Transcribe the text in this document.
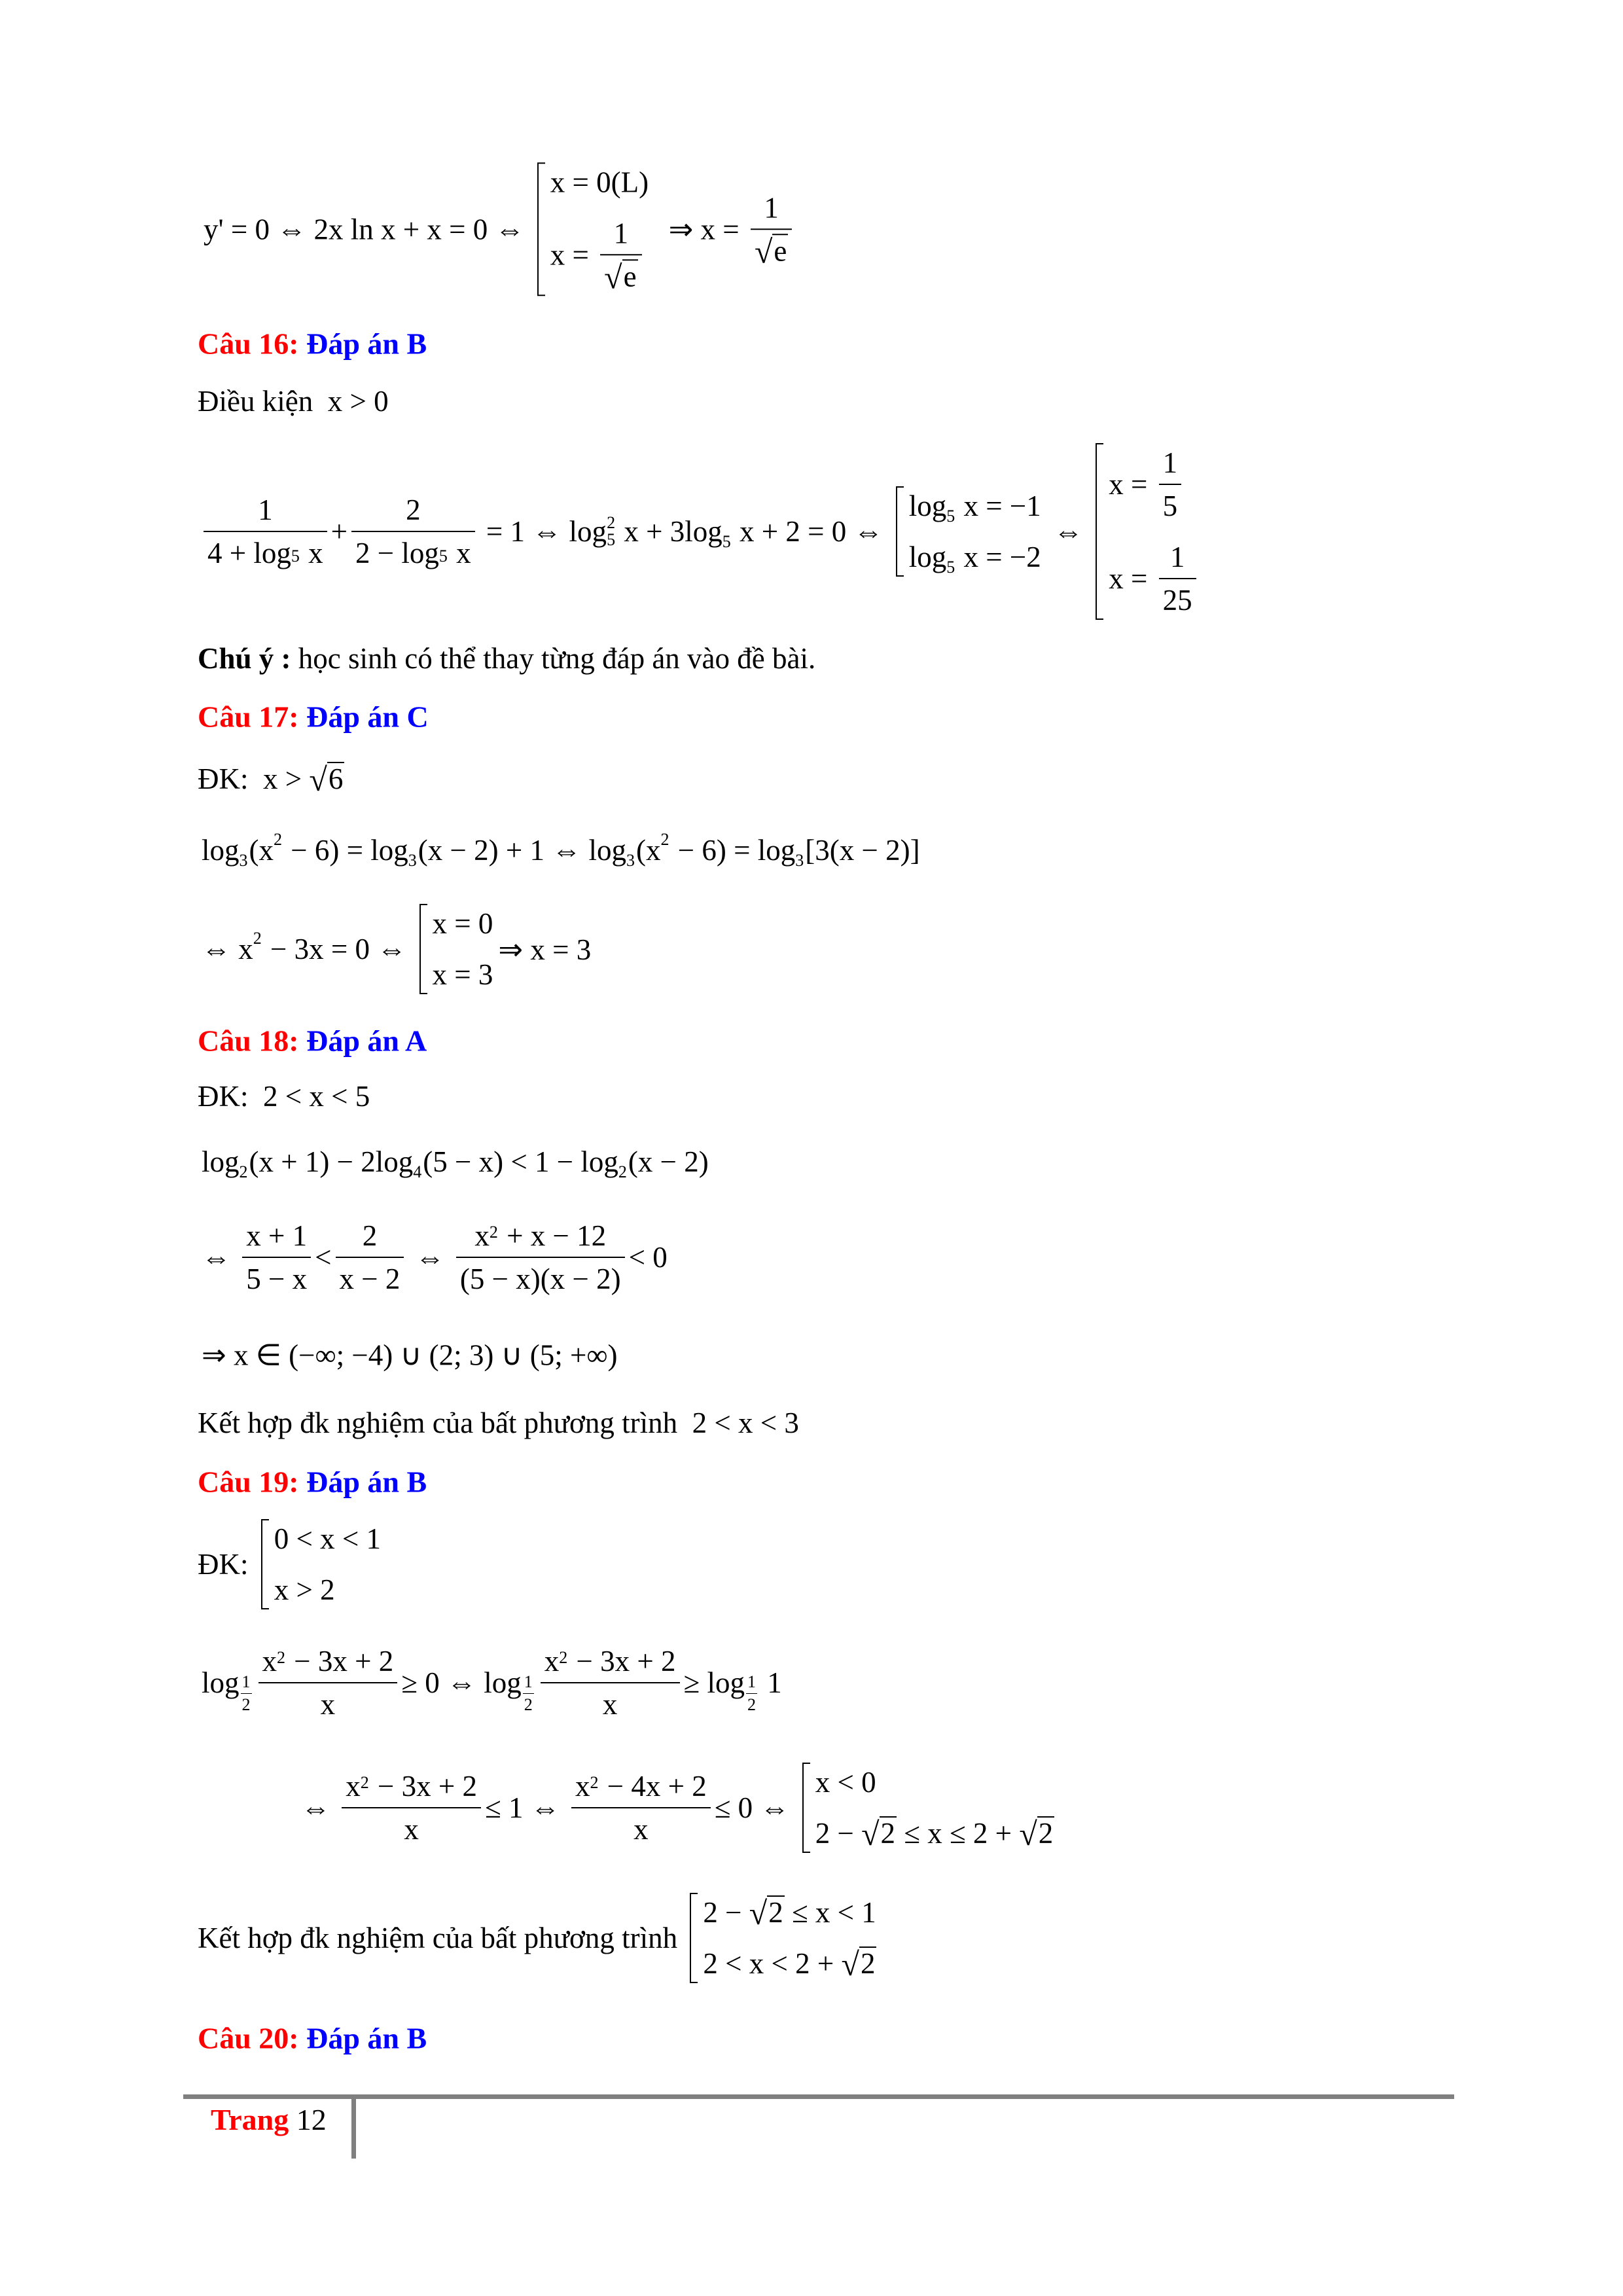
y' = 0 ⇔ 2x ln x + x = 0 ⇔
x = 0(L)
$x = \frac{1}{√ e}$ ⇒ $x = \frac{1}{√ e}$
Câu 16: Đáp án B
Điều kiện  x > 0
$\frac{1}{4 + \log 5 x} + \frac{2}{2 - \log 5 x} = 1$ ⇔ log 2
5 x + 3log 5 x + 2 = 0 ⇔
log 5 x = −1
log 5 x = −2
⇔
$x = \frac{1}{5}$
$x = \frac{1}{25}$
Chú ý : học sinh có thể thay từng đáp án vào đề bài.
Câu 17: Đáp án C
ĐK:  x > √ 6
log 3 (x 2 − 6) = log 3 (x − 2) + 1 ⇔ log 3 (x 2 − 6) = log 3 [3(x − 2)]
⇔ x 2 − 3x = 0 ⇔
x = 0
x = 3
⇒ x = 3
Câu 18: Đáp án A
ĐK:  2 < x < 5
log 2 (x + 1) − 2log 4 (5 − x) < 1 − log 2 (x − 2)
⇔ $\frac{x + 1}{5 - x} < \frac{2}{x - 2}$ ⇔ $\frac{x 2 + x - 12}{(5 - x)(x - 2)} < 0$
⇒ x ∈ (−∞; −4) ∪ (2; 3) ∪ (5; +∞)
Kết hợp đk nghiệm của bất phương trình  2 < x < 3
Câu 19: Đáp án B
ĐK:
0 < x < 1
x > 2
$\log \frac{1}{2} \frac{x 2 - 3x + 2}{x} \ge 0$ ⇔ $\log \frac{1}{2} \frac{x 2 - 3x + 2}{x} \ge \log \frac{1}{2} 1$
⇔ $\frac{x 2 - 3x + 2}{x} \le 1$ ⇔ $\frac{x 2 - 4x + 2}{x} \le 0$ ⇔
x < 0
2 − √ 2 ≤ x ≤ 2 + √ 2
Kết hợp đk nghiệm của bất phương trình
2 − √ 2 ≤ x < 1
2 < x < 2 + √ 2
Câu 20: Đáp án B
Trang 12
